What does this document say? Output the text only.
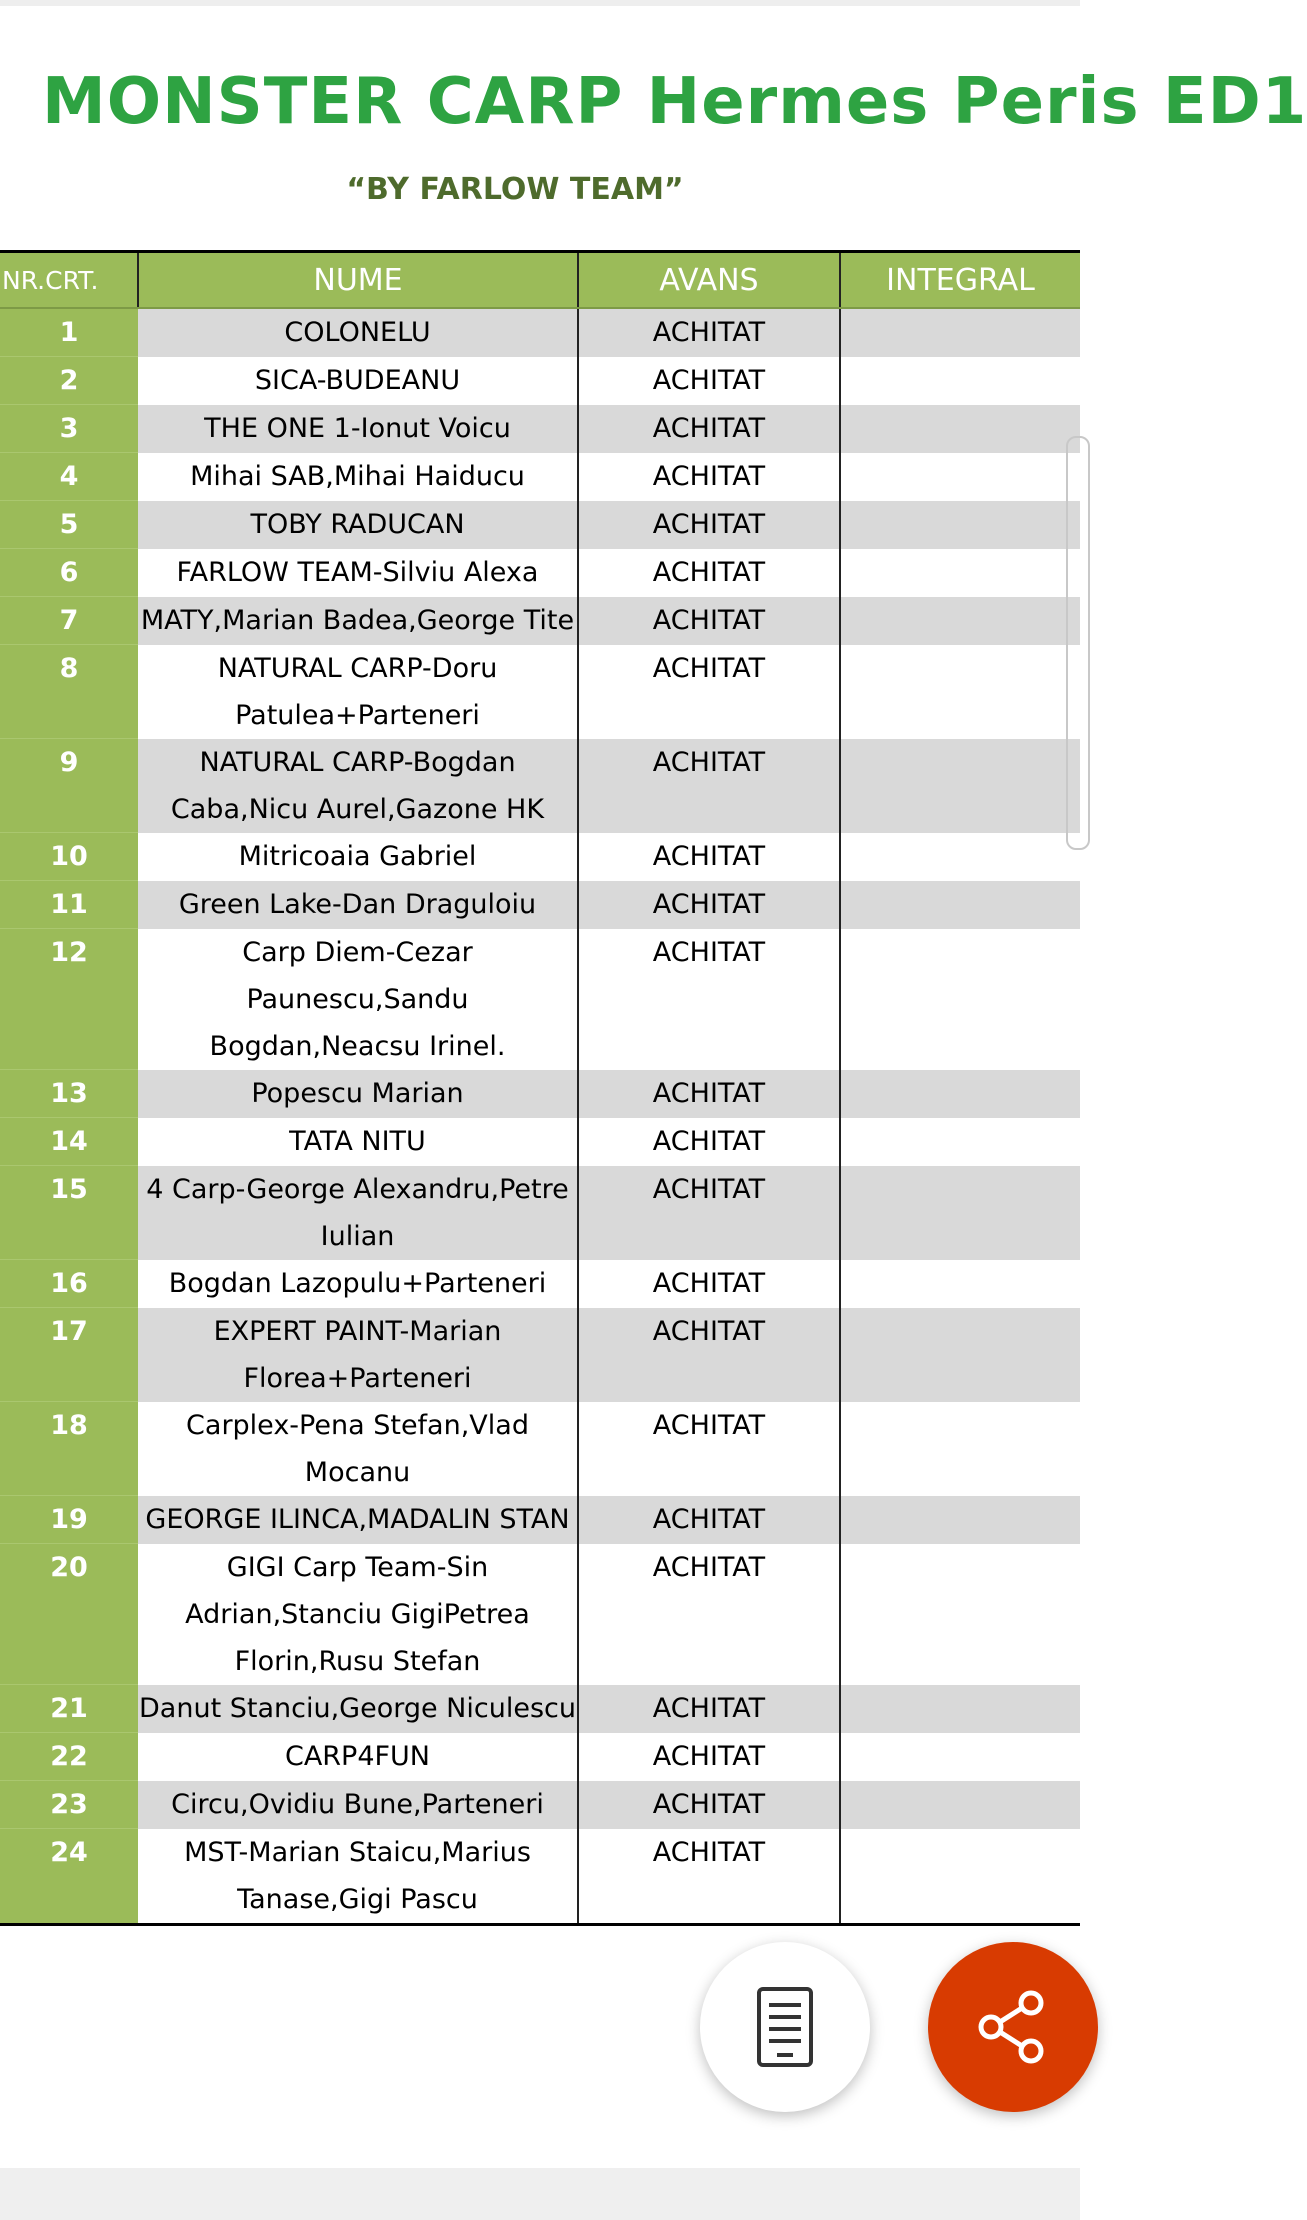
MONSTER CARP Hermes Peris ED1
“BY FARLOW TEAM”
NR.CRT.	NUME	AVANS	INTEGRAL
1	COLONELU	ACHITAT	
2	SICA-BUDEANU	ACHITAT	
3	THE ONE 1-Ionut Voicu	ACHITAT	
4	Mihai SAB,Mihai Haiducu	ACHITAT	
5	TOBY RADUCAN	ACHITAT	
6	FARLOW TEAM-Silviu Alexa	ACHITAT	
7	MATY,Marian Badea,George Tite	ACHITAT	
8	NATURAL CARP-Doru Patulea+Parteneri	ACHITAT	
9	NATURAL CARP-Bogdan Caba,Nicu Aurel,Gazone HK	ACHITAT	
10	Mitricoaia Gabriel	ACHITAT	
11	Green Lake-Dan Draguloiu	ACHITAT	
12	Carp Diem-Cezar Paunescu,Sandu Bogdan,Neacsu Irinel.	ACHITAT	
13	Popescu Marian	ACHITAT	
14	TATA NITU	ACHITAT	
15	4 Carp-George Alexandru,Petre Iulian	ACHITAT	
16	Bogdan Lazopulu+Parteneri	ACHITAT	
17	EXPERT PAINT-Marian Florea+Parteneri	ACHITAT	
18	Carplex-Pena Stefan,Vlad Mocanu	ACHITAT	
19	GEORGE ILINCA,MADALIN STAN	ACHITAT	
20	GIGI Carp Team-Sin Adrian,Stanciu GigiPetrea Florin,Rusu Stefan	ACHITAT	
21	Danut Stanciu,George Niculescu	ACHITAT	
22	CARP4FUN	ACHITAT	
23	Circu,Ovidiu Bune,Parteneri	ACHITAT	
24	MST-Marian Staicu,Marius Tanase,Gigi Pascu	ACHITAT	
